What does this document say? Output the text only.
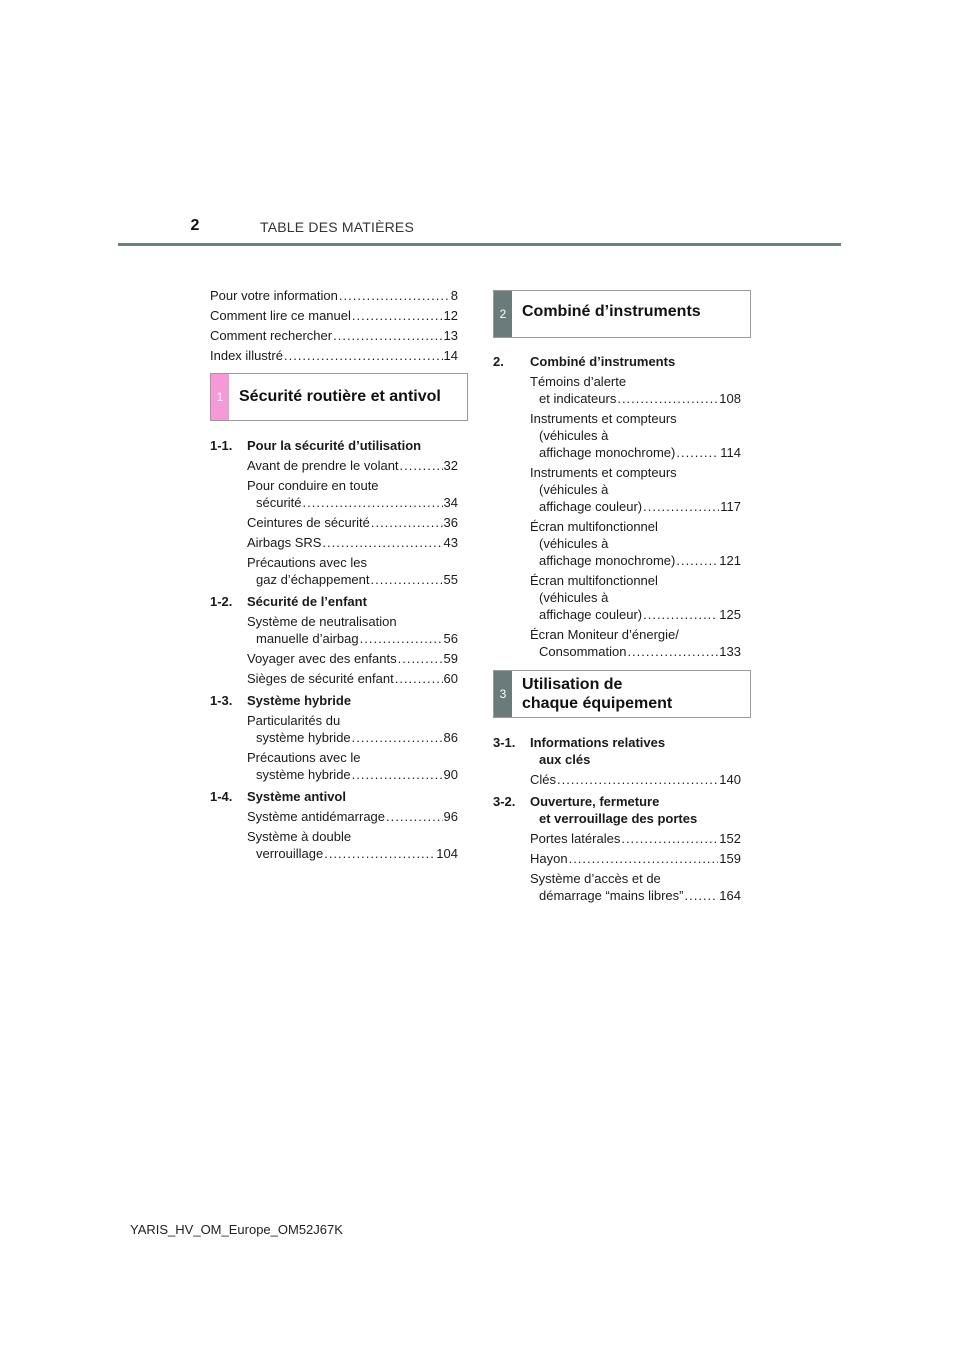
2	TABLE DES MATIÈRES
Pour votre information .....	8
Comment lire ce manuel .....	12
Comment rechercher .....	13
Index illustré .....	14
1 Sécurité routière et antivol
1-1. Pour la sécurité d’utilisation
Avant de prendre le volant .....	32
Pour conduire en toute
sécurité .....	34
Ceintures de sécurité .....	36
Airbags SRS .....	43
Précautions avec les
gaz d’échappement .....	55
1-2. Sécurité de l’enfant
Système de neutralisation
manuelle d’airbag .....	56
Voyager avec des enfants .....	59
Sièges de sécurité enfant .....	60
1-3. Système hybride
Particularités du
système hybride .....	86
Précautions avec le
système hybride .....	90
1-4. Système antivol
Système antidémarrage .....	96
Système à double
verrouillage .....	104
2 Combiné d’instruments
2. Combiné d’instruments
Témoins d’alerte
et indicateurs .....	108
Instruments et compteurs
(véhicules à
affichage monochrome) .....	114
Instruments et compteurs
(véhicules à
affichage couleur) .....	117
Écran multifonctionnel
(véhicules à
affichage monochrome) .....	121
Écran multifonctionnel
(véhicules à
affichage couleur) .....	125
Écran Moniteur d’énergie/
Consommation .....	133
3
Utilisation de
chaque équipement
3-1. Informations relatives
aux clés
Clés .....	140
3-2. Ouverture, fermeture
et verrouillage des portes
Portes latérales .....	152
Hayon .....	159
Système d’accès et de
démarrage “mains libres” .....	164
YARIS_HV_OM_Europe_OM52J67K
